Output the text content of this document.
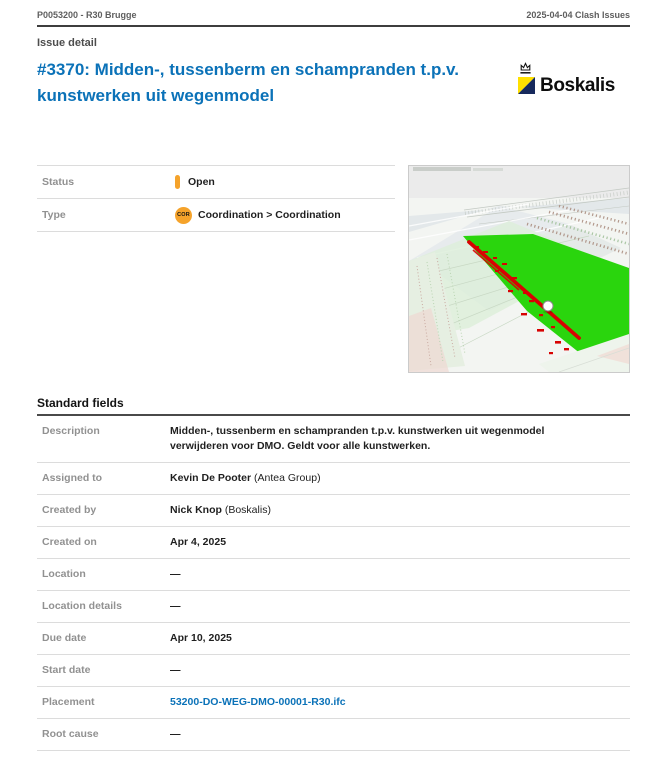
P0053200 - R30 Brugge	2025-04-04 Clash Issues
Issue detail
#3370: Midden-, tussenberm en schampranden t.p.v. kunstwerken uit wegenmodel	Boskalis
Status	Open
Type	COR Coordination > Coordination
Standard fields
Description	Midden-, tussenberm en schampranden t.p.v. kunstwerken uit wegenmodel verwijderen voor DMO. Geldt voor alle kunstwerken.
Assigned to	Kevin De Pooter (Antea Group)
Created by	Nick Knop (Boskalis)
Created on	Apr 4, 2025
Location	—
Location details	—
Due date	Apr 10, 2025
Start date	—
Placement	53200-DO-WEG-DMO-00001-R30.ifc
Root cause	—
